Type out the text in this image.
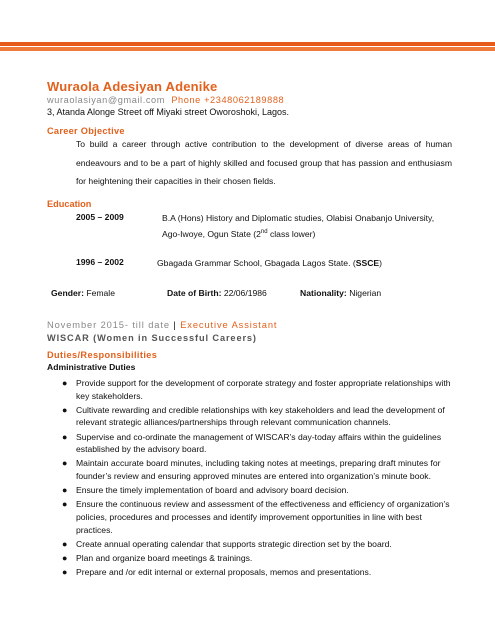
Wuraola Adesiyan Adenike
wuraolasiyan@gmail.com Phone +2348062189888
3, Atanda Alonge Street off Miyaki street Oworoshoki, Lagos.
Career Objective
To build a career through active contribution to the development of diverse areas of human endeavours and to be a part of highly skilled and focused group that has passion and enthusiasm for heightening their capacities in their chosen fields.
Education
2005 – 2009	B.A (Hons) History and Diplomatic studies, Olabisi Onabanjo University, Ago-Iwoye, Ogun State (2nd class lower)
1996 – 2002	Gbagada Grammar School, Gbagada Lagos State. (SSCE)
Gender: Female	Date of Birth: 22/06/1986	Nationality: Nigerian
November 2015- till date | Executive Assistant
WISCAR (Women in Successful Careers)
Duties/Responsibilities
Administrative Duties
● Provide support for the development of corporate strategy and foster appropriate relationships with key stakeholders.
● Cultivate rewarding and credible relationships with key stakeholders and lead the development of relevant strategic alliances/partnerships through relevant communication channels.
● Supervise and co-ordinate the management of WISCAR’s day-today affairs within the guidelines established by the advisory board.
● Maintain accurate board minutes, including taking notes at meetings, preparing draft minutes for founder’s review and ensuring approved minutes are entered into organization’s minute book.
● Ensure the timely implementation of board and advisory board decision.
● Ensure the continuous review and assessment of the effectiveness and efficiency of organization’s policies, procedures and processes and identify improvement opportunities in line with best practices.
● Create annual operating calendar that supports strategic direction set by the board.
● Plan and organize board meetings & trainings.
● Prepare and /or edit internal or external proposals, memos and presentations.
